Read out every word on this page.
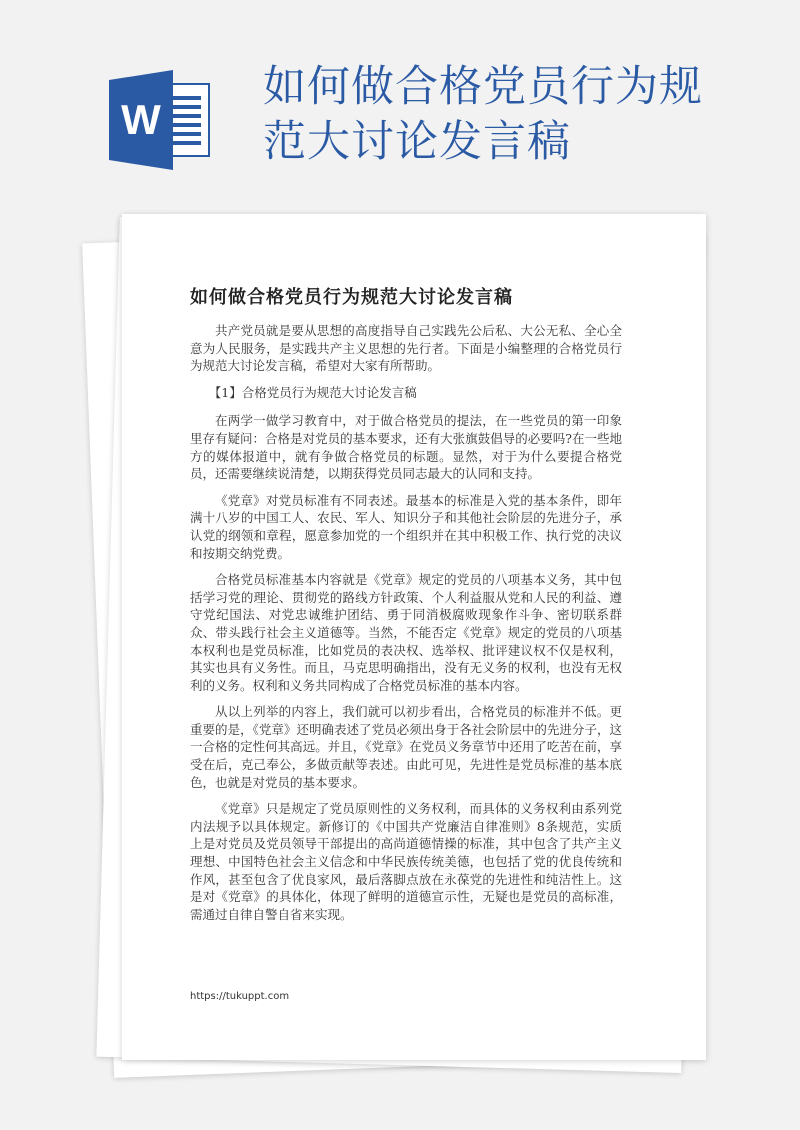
W
如何做合格党员行为规范大讨论发言稿
如何做合格党员行为规范大讨论发言稿

共产党员就是要从思想的高度指导自己实践先公后私、大公无私、全心全意为人民服务，是实践共产主义思想的先行者。下面是小编整理的合格党员行为规范大讨论发言稿，希望对大家有所帮助。

【1】合格党员行为规范大讨论发言稿

在两学一做学习教育中，对于做合格党员的提法，在一些党员的第一印象里存有疑问：合格是对党员的基本要求，还有大张旗鼓倡导的必要吗?在一些地方的媒体报道中，就有争做合格党员的标题。显然，对于为什么要提合格党员，还需要继续说清楚，以期获得党员同志最大的认同和支持。

《党章》对党员标准有不同表述。最基本的标准是入党的基本条件，即年满十八岁的中国工人、农民、军人、知识分子和其他社会阶层的先进分子，承认党的纲领和章程，愿意参加党的一个组织并在其中积极工作、执行党的决议和按期交纳党费。

合格党员标准基本内容就是《党章》规定的党员的八项基本义务，其中包括学习党的理论、贯彻党的路线方针政策、个人利益服从党和人民的利益、遵守党纪国法、对党忠诚维护团结、勇于同消极腐败现象作斗争、密切联系群众、带头践行社会主义道德等。当然，不能否定《党章》规定的党员的八项基本权利也是党员标准，比如党员的表决权、选举权、批评建议权不仅是权利，其实也具有义务性。而且，马克思明确指出，没有无义务的权利，也没有无权利的义务。权利和义务共同构成了合格党员标准的基本内容。

从以上列举的内容上，我们就可以初步看出，合格党员的标准并不低。更重要的是，《党章》还明确表述了党员必须出身于各社会阶层中的先进分子，这一合格的定性何其高远。并且，《党章》在党员义务章节中还用了吃苦在前，享受在后，克己奉公，多做贡献等表述。由此可见，先进性是党员标准的基本底色，也就是对党员的基本要求。

《党章》只是规定了党员原则性的义务权利，而具体的义务权利由系列党内法规予以具体规定。新修订的《中国共产党廉洁自律准则》8条规范，实质上是对党员及党员领导干部提出的高尚道德情操的标准，其中包含了共产主义理想、中国特色社会主义信念和中华民族传统美德，也包括了党的优良传统和作风，甚至包含了优良家风，最后落脚点放在永葆党的先进性和纯洁性上。这是对《党章》的具体化，体现了鲜明的道德宣示性，无疑也是党员的高标准，需通过自律自警自省来实现。

https://tukuppt.com
